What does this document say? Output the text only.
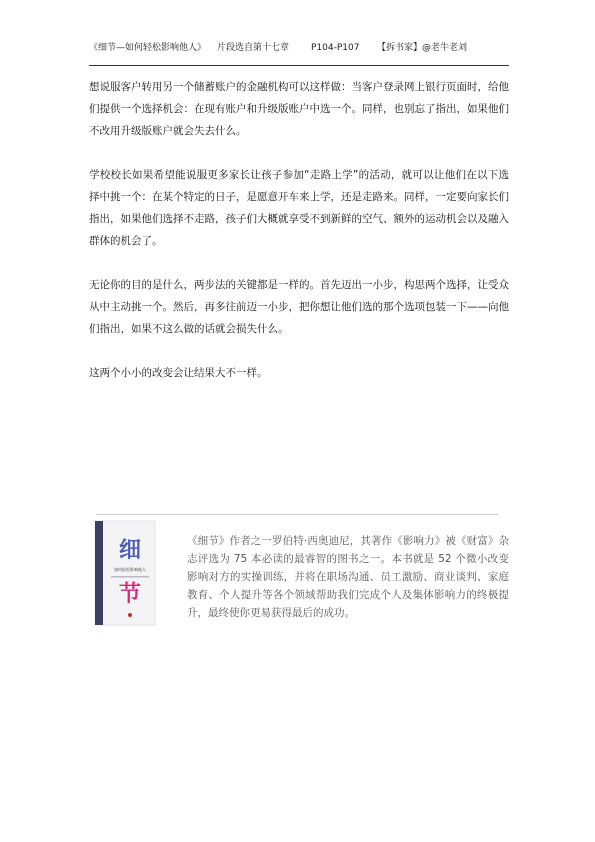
《细节—如何轻松影响他人》 片段选自第十七章 P104-P107 【拆书家】@老牛老刘

想说服客户转用另一个储蓄账户的金融机构可以这样做：当客户登录网上银行页面时，给他们提供一个选择机会：在现有账户和升级版账户中选一个。同样，也别忘了指出，如果他们不改用升级版账户就会失去什么。

学校校长如果希望能说服更多家长让孩子参加“走路上学”的活动，就可以让他们在以下选择中挑一个：在某个特定的日子，是愿意开车来上学，还是走路来。同样，一定要向家长们指出，如果他们选择不走路，孩子们大概就享受不到新鲜的空气、额外的运动机会以及融入群体的机会了。

无论你的目的是什么，两步法的关键都是一样的。首先迈出一小步，构思两个选择，让受众从中主动挑一个。然后，再多往前迈一小步，把你想让他们选的那个选项包装一下——向他们指出，如果不这么做的话就会损失什么。

这两个小小的改变会让结果大不一样。

细
如何轻松影响他人
节
《细节》作者之一罗伯特·西奥迪尼，其著作《影响力》被《财富》杂志评选为 75 本必读的最睿智的图书之一。本书就是 52 个微小改变影响对方的实操训练，并将在职场沟通、员工激励、商业谈判、家庭教育、个人提升等各个领域帮助我们完成个人及集体影响力的终极提升，最终使你更易获得最后的成功。
